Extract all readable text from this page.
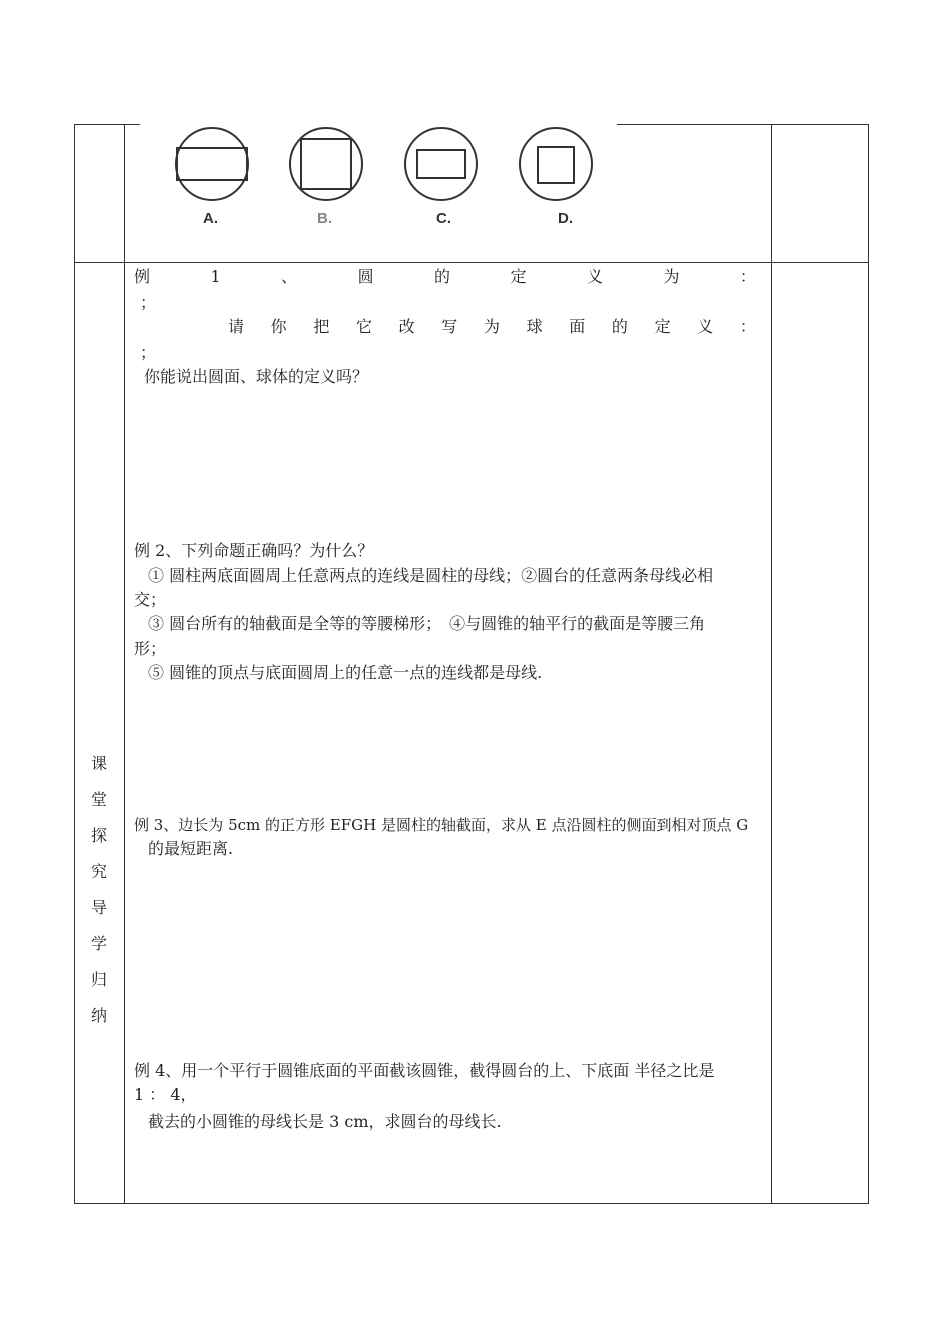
A.	B.	C.	D.
课
堂
探
究
导
学
归
纳
例	1	、	圆	的	定	义	为	：
；
请 你 把 它 改 写 为 球 面 的 定 义 ：
；
你能说出圆面、球体的定义吗？
例 2、下列命题正确吗？为什么？
① 圆柱两底面圆周上任意两点的连线是圆柱的母线；②圆台的任意两条母线必相
交；
③ 圆台所有的轴截面是全等的等腰梯形；　④与圆锥的轴平行的截面是等腰三角
形；
⑤ 圆锥的顶点与底面圆周上的任意一点的连线都是母线.
例 3、边长为 5cm 的正方形 EFGH 是圆柱的轴截面，求从 E 点沿圆柱的侧面到相对顶点 G
的最短距离.
例 4、用一个平行于圆锥底面的平面截该圆锥，截得圆台的上、下底面 半径之比是
1 ： 4，
截去的小圆锥的母线长是 3 cm，求圆台的母线长.
